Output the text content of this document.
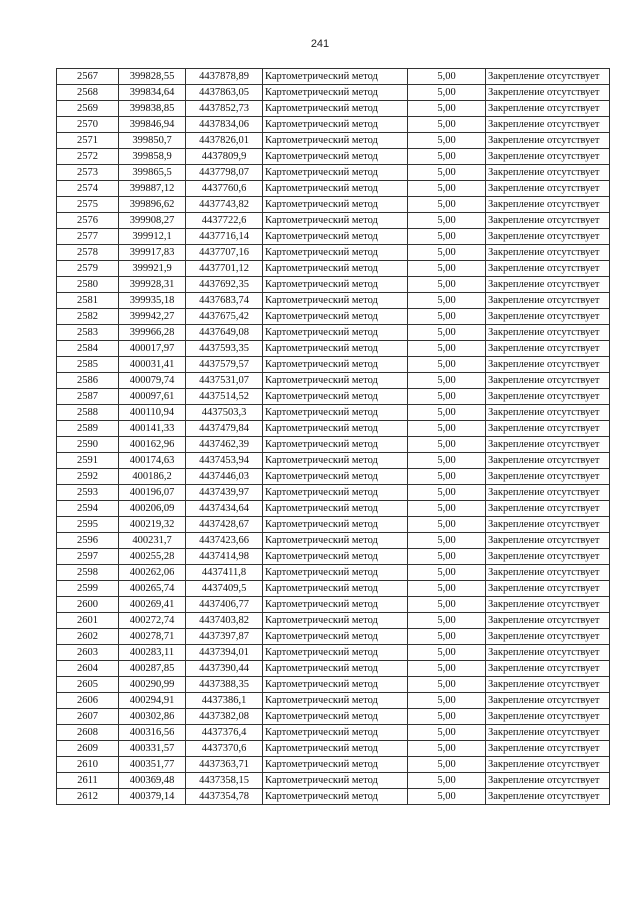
241
2567	399828,55	4437878,89	Картометрический метод	5,00	Закрепление отсутствует
2568	399834,64	4437863,05	Картометрический метод	5,00	Закрепление отсутствует
2569	399838,85	4437852,73	Картометрический метод	5,00	Закрепление отсутствует
2570	399846,94	4437834,06	Картометрический метод	5,00	Закрепление отсутствует
2571	399850,7	4437826,01	Картометрический метод	5,00	Закрепление отсутствует
2572	399858,9	4437809,9	Картометрический метод	5,00	Закрепление отсутствует
2573	399865,5	4437798,07	Картометрический метод	5,00	Закрепление отсутствует
2574	399887,12	4437760,6	Картометрический метод	5,00	Закрепление отсутствует
2575	399896,62	4437743,82	Картометрический метод	5,00	Закрепление отсутствует
2576	399908,27	4437722,6	Картометрический метод	5,00	Закрепление отсутствует
2577	399912,1	4437716,14	Картометрический метод	5,00	Закрепление отсутствует
2578	399917,83	4437707,16	Картометрический метод	5,00	Закрепление отсутствует
2579	399921,9	4437701,12	Картометрический метод	5,00	Закрепление отсутствует
2580	399928,31	4437692,35	Картометрический метод	5,00	Закрепление отсутствует
2581	399935,18	4437683,74	Картометрический метод	5,00	Закрепление отсутствует
2582	399942,27	4437675,42	Картометрический метод	5,00	Закрепление отсутствует
2583	399966,28	4437649,08	Картометрический метод	5,00	Закрепление отсутствует
2584	400017,97	4437593,35	Картометрический метод	5,00	Закрепление отсутствует
2585	400031,41	4437579,57	Картометрический метод	5,00	Закрепление отсутствует
2586	400079,74	4437531,07	Картометрический метод	5,00	Закрепление отсутствует
2587	400097,61	4437514,52	Картометрический метод	5,00	Закрепление отсутствует
2588	400110,94	4437503,3	Картометрический метод	5,00	Закрепление отсутствует
2589	400141,33	4437479,84	Картометрический метод	5,00	Закрепление отсутствует
2590	400162,96	4437462,39	Картометрический метод	5,00	Закрепление отсутствует
2591	400174,63	4437453,94	Картометрический метод	5,00	Закрепление отсутствует
2592	400186,2	4437446,03	Картометрический метод	5,00	Закрепление отсутствует
2593	400196,07	4437439,97	Картометрический метод	5,00	Закрепление отсутствует
2594	400206,09	4437434,64	Картометрический метод	5,00	Закрепление отсутствует
2595	400219,32	4437428,67	Картометрический метод	5,00	Закрепление отсутствует
2596	400231,7	4437423,66	Картометрический метод	5,00	Закрепление отсутствует
2597	400255,28	4437414,98	Картометрический метод	5,00	Закрепление отсутствует
2598	400262,06	4437411,8	Картометрический метод	5,00	Закрепление отсутствует
2599	400265,74	4437409,5	Картометрический метод	5,00	Закрепление отсутствует
2600	400269,41	4437406,77	Картометрический метод	5,00	Закрепление отсутствует
2601	400272,74	4437403,82	Картометрический метод	5,00	Закрепление отсутствует
2602	400278,71	4437397,87	Картометрический метод	5,00	Закрепление отсутствует
2603	400283,11	4437394,01	Картометрический метод	5,00	Закрепление отсутствует
2604	400287,85	4437390,44	Картометрический метод	5,00	Закрепление отсутствует
2605	400290,99	4437388,35	Картометрический метод	5,00	Закрепление отсутствует
2606	400294,91	4437386,1	Картометрический метод	5,00	Закрепление отсутствует
2607	400302,86	4437382,08	Картометрический метод	5,00	Закрепление отсутствует
2608	400316,56	4437376,4	Картометрический метод	5,00	Закрепление отсутствует
2609	400331,57	4437370,6	Картометрический метод	5,00	Закрепление отсутствует
2610	400351,77	4437363,71	Картометрический метод	5,00	Закрепление отсутствует
2611	400369,48	4437358,15	Картометрический метод	5,00	Закрепление отсутствует
2612	400379,14	4437354,78	Картометрический метод	5,00	Закрепление отсутствует
